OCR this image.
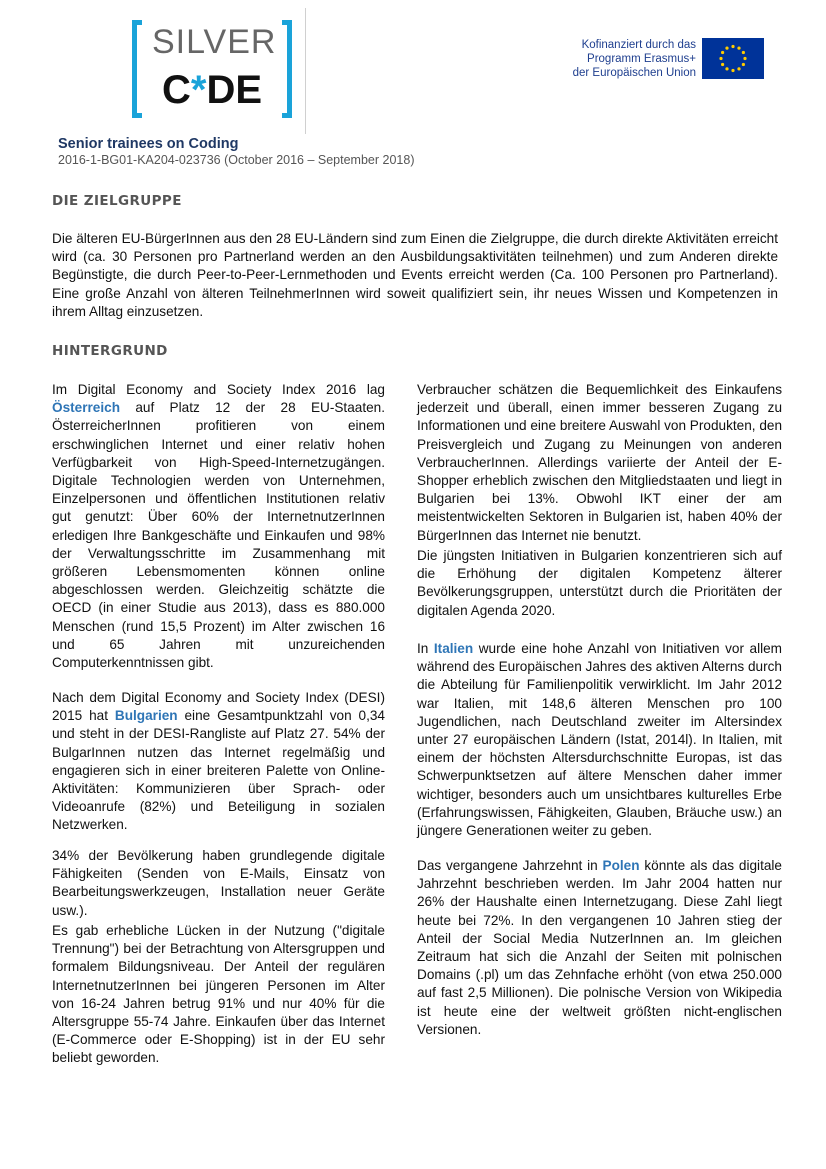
SILVER
C*DE
Kofinanziert durch das
Programm Erasmus+
der Europäischen Union
Senior trainees on Coding
2016-1-BG01-KA204-023736 (October 2016 – September 2018)
DIE ZIELGRUPPE

Die älteren EU-BürgerInnen aus den 28 EU-Ländern sind zum Einen die Zielgruppe, die durch direkte Aktivitäten erreicht wird (ca. 30 Personen pro Partnerland werden an den Ausbildungsaktivitäten teilnehmen) und zum Anderen direkte Begünstigte, die durch Peer-to-Peer-Lernmethoden und Events erreicht werden (Ca. 100 Personen pro Partnerland). Eine große Anzahl von älteren TeilnehmerInnen wird soweit qualifiziert sein, ihr neues Wissen und Kompetenzen in ihrem Alltag einzusetzen.

HINTERGRUND

Im Digital Economy and Society Index 2016 lag Österreich auf Platz 12 der 28 EU-Staaten. ÖsterreicherInnen profitieren von einem erschwinglichen Internet und einer relativ hohen Verfügbarkeit von High-Speed-Internetzugängen. Digitale Technologien werden von Unternehmen, Einzelpersonen und öffentlichen Institutionen relativ gut genutzt: Über 60% der InternetnutzerInnen erledigen Ihre Bankgeschäfte und Einkaufen und 98% der Verwaltungsschritte im Zusammenhang mit größeren Lebensmomenten können online abgeschlossen werden. Gleichzeitig schätzte die OECD (in einer Studie aus 2013), dass es 880.000 Menschen (rund 15,5 Prozent) im Alter zwischen 16 und 65 Jahren mit unzureichenden Computerkenntnissen gibt.

Nach dem Digital Economy and Society Index (DESI) 2015 hat Bulgarien eine Gesamtpunktzahl von 0,34 und steht in der DESI-Rangliste auf Platz 27. 54% der BulgarInnen nutzen das Internet regelmäßig und engagieren sich in einer breiteren Palette von Online-Aktivitäten: Kommunizieren über Sprach- oder Videoanrufe (82%) und Beteiligung in sozialen Netzwerken.

34% der Bevölkerung haben grundlegende digitale Fähigkeiten (Senden von E-Mails, Einsatz von Bearbeitungswerkzeugen, Installation neuer Geräte usw.).

Es gab erhebliche Lücken in der Nutzung ("digitale Trennung") bei der Betrachtung von Altersgruppen und formalem Bildungsniveau. Der Anteil der regulären InternetnutzerInnen bei jüngeren Personen im Alter von 16-24 Jahren betrug 91% und nur 40% für die Altersgruppe 55-74 Jahre. Einkaufen über das Internet (E-Commerce oder E-Shopping) ist in der EU sehr beliebt geworden.

Verbraucher schätzen die Bequemlichkeit des Einkaufens jederzeit und überall, einen immer besseren Zugang zu Informationen und eine breitere Auswahl von Produkten, den Preisvergleich und Zugang zu Meinungen von anderen VerbraucherInnen. Allerdings variierte der Anteil der E-Shopper erheblich zwischen den Mitgliedstaaten und liegt in Bulgarien bei 13%. Obwohl IKT einer der am meistentwickelten Sektoren in Bulgarien ist, haben 40% der BürgerInnen das Internet nie benutzt.

Die jüngsten Initiativen in Bulgarien konzentrieren sich auf die Erhöhung der digitalen Kompetenz älterer Bevölkerungsgruppen, unterstützt durch die Prioritäten der digitalen Agenda 2020.

In Italien wurde eine hohe Anzahl von Initiativen vor allem während des Europäischen Jahres des aktiven Alterns durch die Abteilung für Familienpolitik verwirklicht. Im Jahr 2012 war Italien, mit 148,6 älteren Menschen pro 100 Jugendlichen, nach Deutschland zweiter im Altersindex unter 27 europäischen Ländern (Istat, 2014l). In Italien, mit einem der höchsten Altersdurchschnitte Europas, ist das Schwerpunktsetzen auf ältere Menschen daher immer wichtiger, besonders auch um unsichtbares kulturelles Erbe (Erfahrungswissen, Fähigkeiten, Glauben, Bräuche usw.) an jüngere Generationen weiter zu geben.

Das vergangene Jahrzehnt in Polen könnte als das digitale Jahrzehnt beschrieben werden. Im Jahr 2004 hatten nur 26% der Haushalte einen Internetzugang. Diese Zahl liegt heute bei 72%. In den vergangenen 10 Jahren stieg der Anteil der Social Media NutzerInnen an. Im gleichen Zeitraum hat sich die Anzahl der Seiten mit polnischen Domains (.pl) um das Zehnfache erhöht (von etwa 250.000 auf fast 2,5 Millionen). Die polnische Version von Wikipedia ist heute eine der weltweit größten nicht-englischen Versionen.
